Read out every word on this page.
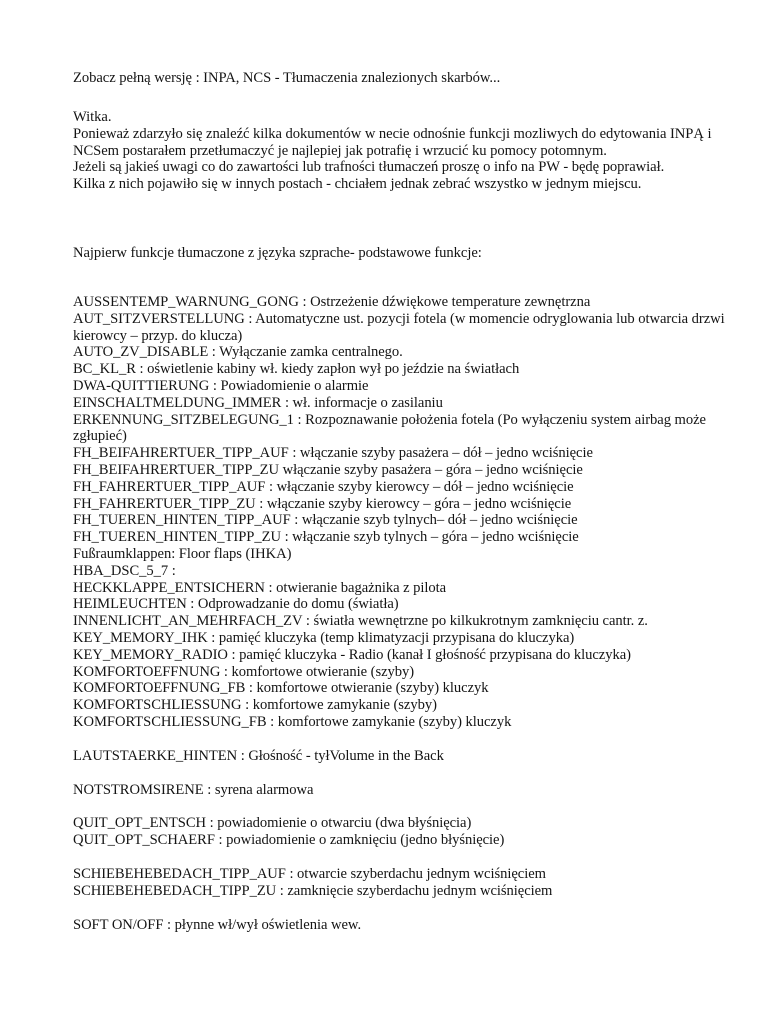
Zobacz pełną wersję : INPA, NCS - Tłumaczenia znalezionych skarbów...

Witka.

Ponieważ zdarzyło się znaleźć kilka dokumentów w necie odnośnie funkcji mozliwych do edytowania INPĄ i NCSem postarałem przetłumaczyć je najlepiej jak potrafię i wrzucić ku pomocy potomnym.

Jeżeli są jakieś uwagi co do zawartości lub trafności tłumaczeń proszę o info na PW - będę poprawiał.

Kilka z nich pojawiło się w innych postach - chciałem jednak zebrać wszystko w jednym miejscu.

Najpierw funkcje tłumaczone z języka szprache- podstawowe funkcje:

AUSSENTEMP_WARNUNG_GONG : Ostrzeżenie dźwiękowe temperature zewnętrzna

AUT_SITZVERSTELLUNG : Automatyczne ust. pozycji fotela (w momencie odryglowania lub otwarcia drzwi kierowcy – przyp. do klucza)

AUTO_ZV_DISABLE : Wyłączanie zamka centralnego.

BC_KL_R : oświetlenie kabiny wł. kiedy zapłon wył po jeździe na światłach

DWA-QUITTIERUNG : Powiadomienie o alarmie

EINSCHALTMELDUNG_IMMER : wł. informacje o zasilaniu

ERKENNUNG_SITZBELEGUNG_1 : Rozpoznawanie położenia fotela (Po wyłączeniu system airbag może zgłupieć)

FH_BEIFAHRERTUER_TIPP_AUF : włączanie szyby pasażera – dół – jedno wciśnięcie

FH_BEIFAHRERTUER_TIPP_ZU włączanie szyby pasażera – góra – jedno wciśnięcie

FH_FAHRERTUER_TIPP_AUF : włączanie szyby kierowcy – dół – jedno wciśnięcie

FH_FAHRERTUER_TIPP_ZU : włączanie szyby kierowcy – góra – jedno wciśnięcie

FH_TUEREN_HINTEN_TIPP_AUF : włączanie szyb tylnych– dół – jedno wciśnięcie

FH_TUEREN_HINTEN_TIPP_ZU : włączanie szyb tylnych – góra – jedno wciśnięcie

Fußraumklappen: Floor flaps (IHKA)

HBA_DSC_5_7 :

HECKKLAPPE_ENTSICHERN : otwieranie bagażnika z pilota

HEIMLEUCHTEN : Odprowadzanie do domu (światła)

INNENLICHT_AN_MEHRFACH_ZV : światła wewnętrzne po kilkukrotnym zamknięciu cantr. z.

KEY_MEMORY_IHK : pamięć kluczyka (temp klimatyzacji przypisana do kluczyka)

KEY_MEMORY_RADIO : pamięć kluczyka - Radio (kanał I głośność przypisana do kluczyka)

KOMFORTOEFFNUNG : komfortowe otwieranie (szyby)

KOMFORTOEFFNUNG_FB : komfortowe otwieranie (szyby) kluczyk

KOMFORTSCHLIESSUNG : komfortowe zamykanie (szyby)

KOMFORTSCHLIESSUNG_FB : komfortowe zamykanie (szyby) kluczyk

LAUTSTAERKE_HINTEN : Głośność - tyłVolume in the Back

NOTSTROMSIRENE : syrena alarmowa

QUIT_OPT_ENTSCH : powiadomienie o otwarciu (dwa błyśnięcia)

QUIT_OPT_SCHAERF : powiadomienie o zamknięciu (jedno błyśnięcie)

SCHIEBEHEBEDACH_TIPP_AUF : otwarcie szyberdachu jednym wciśnięciem

SCHIEBEHEBEDACH_TIPP_ZU : zamknięcie szyberdachu jednym wciśnięciem

SOFT ON/OFF : płynne wł/wył oświetlenia wew.
